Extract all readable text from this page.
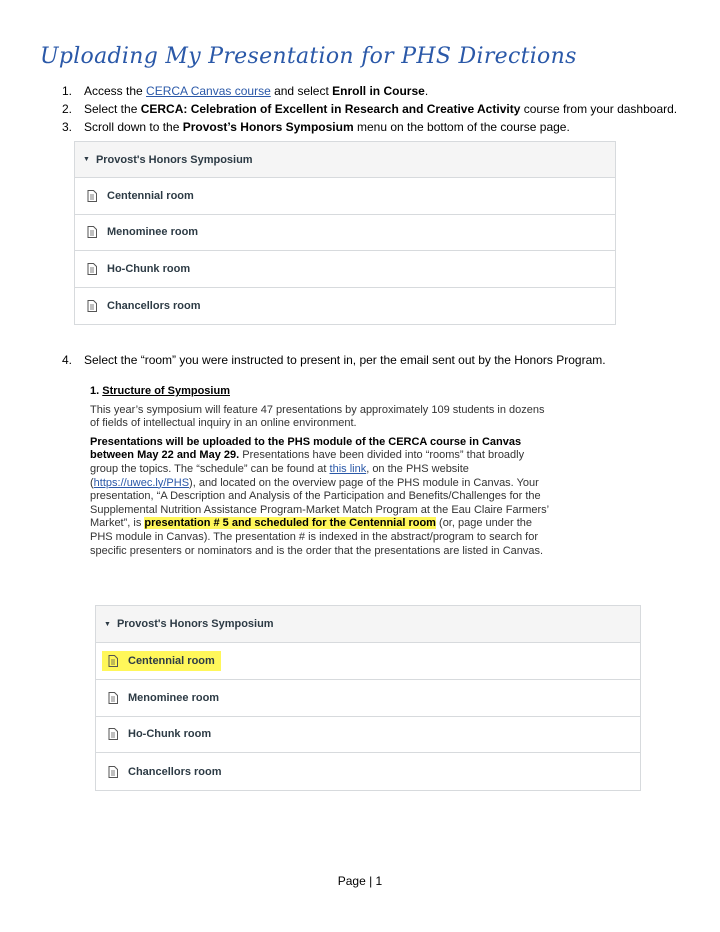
Uploading My Presentation for PHS Directions
1. Access the CERCA Canvas course and select Enroll in Course.
2. Select the CERCA: Celebration of Excellent in Research and Creative Activity course from your dashboard.
3. Scroll down to the Provost’s Honors Symposium menu on the bottom of the course page.
▼ Provost's Honors Symposium
Centennial room
Menominee room
Ho-Chunk room
Chancellors room

4. Select the “room” you were instructed to present in, per the email sent out by the Honors Program.

1. Structure of Symposium

This year’s symposium will feature 47 presentations by approximately 109 students in dozens of fields of intellectual inquiry in an online environment.

Presentations will be uploaded to the PHS module of the CERCA course in Canvas between May 22 and May 29. Presentations have been divided into “rooms” that broadly group the topics. The “schedule” can be found at this link, on the PHS website (https://uwec.ly/PHS), and located on the overview page of the PHS module in Canvas. Your presentation, “A Description and Analysis of the Participation and Benefits/Challenges for the Supplemental Nutrition Assistance Program-Market Match Program at the Eau Claire Farmers’ Market”, is presentation # 5 and scheduled for the Centennial room (or, page under the PHS module in Canvas). The presentation # is indexed in the abstract/program to search for specific presenters or nominators and is the order that the presentations are listed in Canvas.

▼ Provost's Honors Symposium
Centennial room
Menominee room
Ho-Chunk room
Chancellors room
Page | 1
